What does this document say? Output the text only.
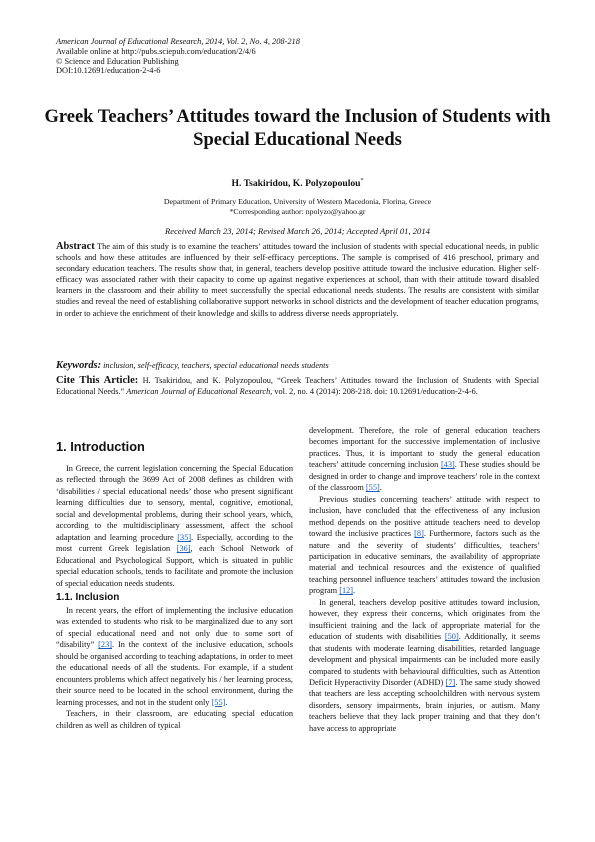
American Journal of Educational Research, 2014, Vol. 2, No. 4, 208-218
Available online at http://pubs.sciepub.com/education/2/4/6
© Science and Education Publishing
DOI:10.12691/education-2-4-6
Greek Teachers’ Attitudes toward the Inclusion of Students with Special Educational Needs
H. Tsakiridou, K. Polyzopoulou*
Department of Primary Education, University of Western Macedonia, Florina, Greece
*Corresponding author: npolyzo@yahoo.gr
Received March 23, 2014; Revised March 26, 2014; Accepted April 01, 2014
Abstract The aim of this study is to examine the teachers’ attitudes toward the inclusion of students with special educational needs, in public schools and how these attitudes are influenced by their self-efficacy perceptions. The sample is comprised of 416 preschool, primary and secondary education teachers. The results show that, in general, teachers develop positive attitude toward the inclusive education. Higher self-efficacy was associated rather with their capacity to come up against negative experiences at school, than with their attitude toward disabled learners in the classroom and their ability to meet successfully the special educational needs students. The results are consistent with similar studies and reveal the need of establishing collaborative support networks in school districts and the development of teacher education programs, in order to achieve the enrichment of their knowledge and skills to address diverse needs appropriately.
Keywords: inclusion, self-efficacy, teachers, special educational needs students
Cite This Article: H. Tsakiridou, and K. Polyzopoulou, “Greek Teachers’ Attitudes toward the Inclusion of Students with Special Educational Needs.” American Journal of Educational Research, vol. 2, no. 4 (2014): 208-218. doi: 10.12691/education-2-4-6.
1. Introduction

In Greece, the current legislation concerning the Special Education as reflected through the 3699 Act of 2008 defines as children with ‘disabilities / special educational needs’ those who present significant learning difficulties due to sensory, mental, cognitive, emotional, social and developmental problems, during their school years, which, according to the multidisciplinary assessment, affect the school adaptation and learning procedure [35]. Especially, according to the most current Greek legislation [36], each School Network of Educational and Psychological Support, which is situated in public special education schools, tends to facilitate and promote the inclusion of special education needs students.

1.1. Inclusion

In recent years, the effort of implementing the inclusive education was extended to students who risk to be marginalized due to any sort of special educational need and not only due to some sort of “disability” [23]. In the context of the inclusive education, schools should be organised according to teaching adaptations, in order to meet the educational needs of all the students. For example, if a student encounters problems which affect negatively his / her learning process, their source need to be located in the school environment, during the learning processes, and not in the student only [55].

Teachers, in their classroom, are educating special education children as well as children of typical

development. Therefore, the role of general education teachers becomes important for the successive implementation of inclusive practices. Thus, it is important to study the general education teachers’ attitude concerning inclusion [43]. These studies should be designed in order to change and improve teachers’ role in the context of the classroom [55].

Previous studies concerning teachers’ attitude with respect to inclusion, have concluded that the effectiveness of any inclusion method depends on the positive attitude teachers need to develop toward the inclusive practices [8]. Furthermore, factors such as the nature and the severity of students’ difficulties, teachers’ participation in educative seminars, the availability of appropriate material and technical resources and the existence of qualified teaching personnel influence teachers’ attitudes toward the inclusion program [12].

In general, teachers develop positive attitudes toward inclusion, however, they express their concerns, which originates from the insufficient training and the lack of appropriate material for the education of students with disabilities [50]. Additionally, it seems that students with moderate learning disabilities, retarded language development and physical impairments can be included more easily compared to students with behavioural difficulties, such as Attention Deficit Hyperactivity Disorder (ADHD) [7]. The same study showed that teachers are less accepting schoolchildren with nervous system disorders, sensory impairments, brain injuries, or autism. Many teachers believe that they lack proper training and that they don’t have access to appropriate
